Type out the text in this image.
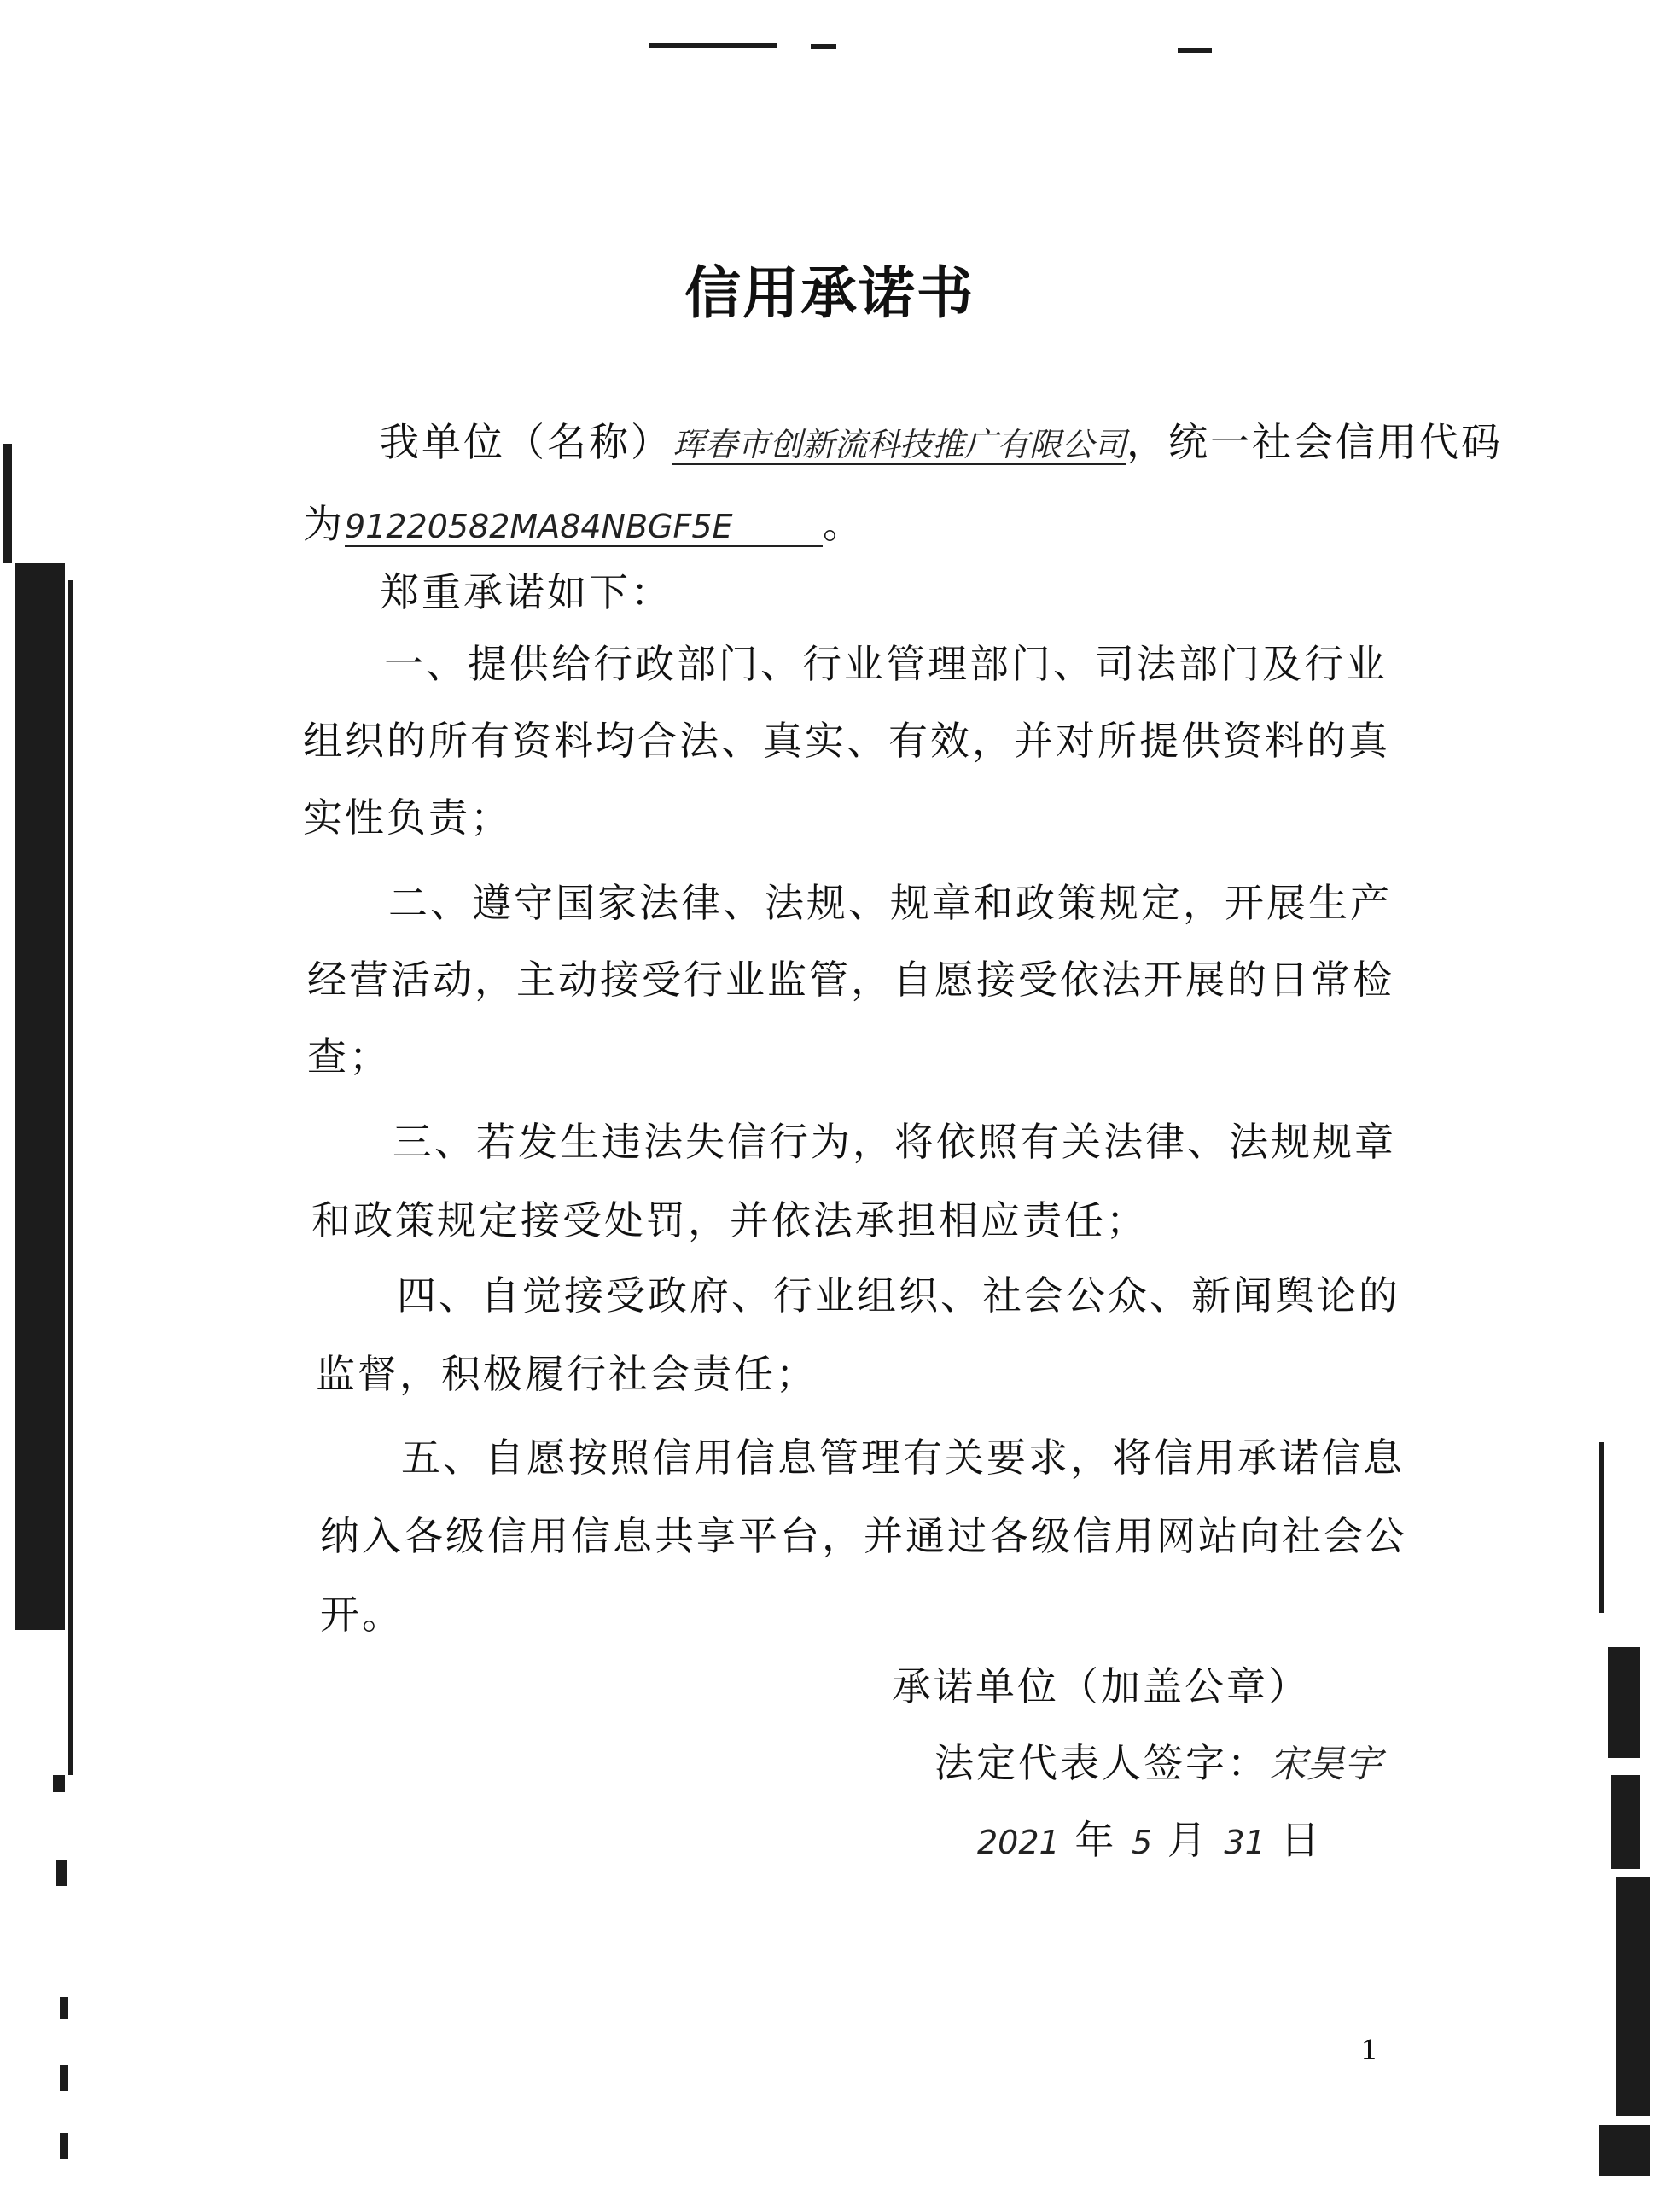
信用承诺书
我单位（名称）珲春市创新流科技推广有限公司，统一社会信用代码
为91220582MA84NBGF5E 。
郑重承诺如下：
一、提供给行政部门、行业管理部门、司法部门及行业
组织的所有资料均合法、真实、有效，并对所提供资料的真
实性负责；
二、遵守国家法律、法规、规章和政策规定，开展生产
经营活动，主动接受行业监管，自愿接受依法开展的日常检
查；
三、若发生违法失信行为，将依照有关法律、法规规章
和政策规定接受处罚，并依法承担相应责任；
四、自觉接受政府、行业组织、社会公众、新闻舆论的
监督，积极履行社会责任；
五、自愿按照信用信息管理有关要求，将信用承诺信息
纳入各级信用信息共享平台，并通过各级信用网站向社会公
开。
承诺单位（加盖公章）
法定代表人签字：宋昊宇
2021 年 5 月 31 日
1
